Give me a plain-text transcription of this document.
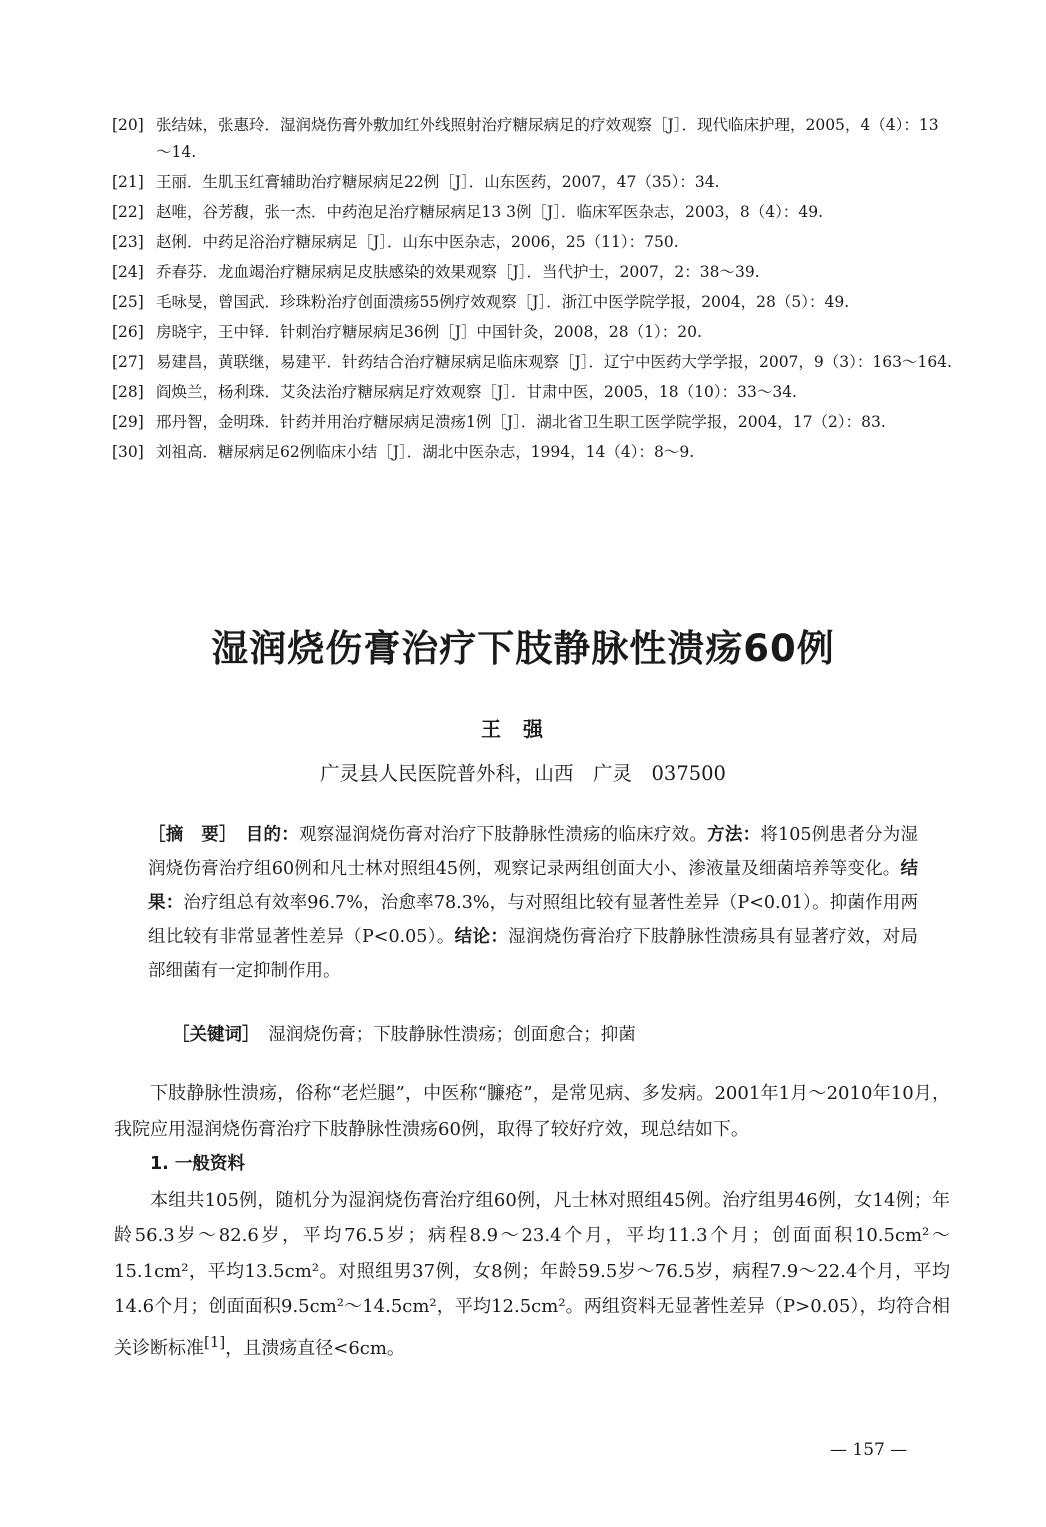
[20] 张结妹，张惠玲．湿润烧伤膏外敷加红外线照射治疗糖尿病足的疗效观察［J］．现代临床护理，2005，4（4）：13～14.
[21] 王丽．生肌玉红膏辅助治疗糖尿病足22例［J］．山东医药，2007，47（35）：34.
[22] 赵唯，谷芳馥，张一杰．中药泡足治疗糖尿病足13 3例［J］．临床军医杂志，2003，8（4）：49.
[23] 赵俐．中药足浴治疗糖尿病足［J］．山东中医杂志，2006，25（11）：750.
[24] 乔春芬．龙血竭治疗糖尿病足皮肤感染的效果观察［J］．当代护士，2007，2：38～39.
[25] 毛咏旻，曾国武．珍珠粉治疗创面溃疡55例疗效观察［J］．浙江中医学院学报，2004，28（5）：49.
[26] 房晓宇，王中铎．针刺治疗糖尿病足36例［J］中国针灸，2008，28（1）：20.
[27] 易建昌，黄联继，易建平．针药结合治疗糖尿病足临床观察［J］．辽宁中医药大学学报，2007，9（3）：163～164.
[28] 阎焕兰，杨利珠．艾灸法治疗糖尿病足疗效观察［J］．甘肃中医，2005，18（10）：33～34.
[29] 邢丹智，金明珠．针药并用治疗糖尿病足溃疡1例［J］．湖北省卫生职工医学院学报，2004，17（2）：83.
[30] 刘祖高．糖尿病足62例临床小结［J］．湖北中医杂志，1994，14（4）：8～9.
湿润烧伤膏治疗下肢静脉性溃疡60例
王强
广灵县人民医院普外科，山西　广灵　037500
［摘　要］　 目的：观察湿润烧伤膏对治疗下肢静脉性溃疡的临床疗效。方法：将105例患者分为湿润烧伤膏治疗组60例和凡士林对照组45例，观察记录两组创面大小、渗液量及细菌培养等变化。结果：治疗组总有效率96.7%，治愈率78.3%，与对照组比较有显著性差异（P<0.01）。抑菌作用两组比较有非常显著性差异（P<0.05）。结论：湿润烧伤膏治疗下肢静脉性溃疡具有显著疗效，对局部细菌有一定抑制作用。
［关键词］　 湿润烧伤膏；下肢静脉性溃疡；创面愈合；抑菌

下肢静脉性溃疡，俗称“老烂腿”，中医称“臁疮”，是常见病、多发病。2001年1月～2010年10月，我院应用湿润烧伤膏治疗下肢静脉性溃疡60例，取得了较好疗效，现总结如下。

1. 一般资料

本组共105例，随机分为湿润烧伤膏治疗组60例，凡士林对照组45例。治疗组男46例，女14例；年龄56.3岁～82.6岁，平均76.5岁；病程8.9～23.4个月，平均11.3个月；创面面积10.5cm²～15.1cm²，平均13.5cm²。对照组男37例，女8例；年龄59.5岁～76.5岁，病程7.9～22.4个月，平均14.6个月；创面面积9.5cm²～14.5cm²，平均12.5cm²。两组资料无显著性差异（P>0.05），均符合相关诊断标准[1]，且溃疡直径<6cm。

— 157 —
